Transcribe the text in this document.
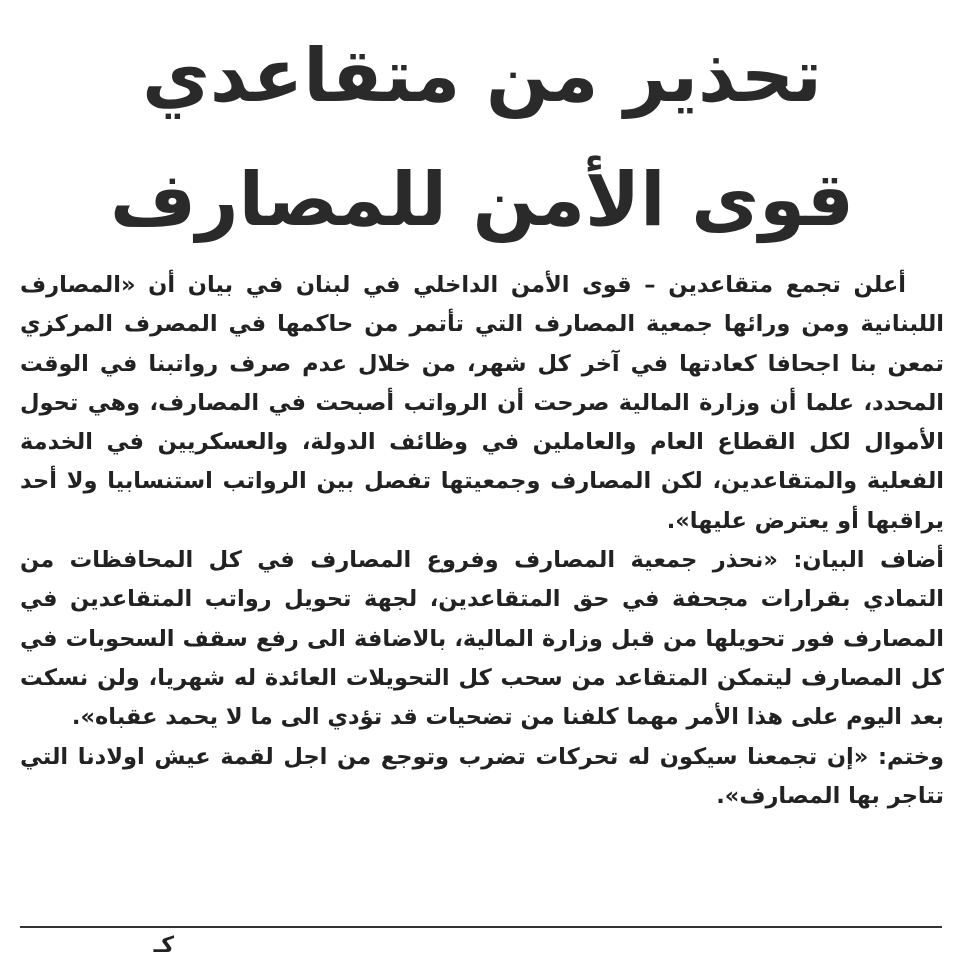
تحذير من متقاعدي
قوى الأمن للمصارف

أعلن تجمع متقاعدين – قوى الأمن الداخلي في لبنان في بيان أن «المصارف اللبنانية ومن ورائها جمعية المصارف التي تأتمر من حاكمها في المصرف المركزي تمعن بنا اجحافا كعادتها في آخر كل شهر، من خلال عدم صرف رواتبنا في الوقت المحدد، علما أن وزارة المالية صرحت أن الرواتب أصبحت في المصارف، وهي تحول الأموال لكل القطاع العام والعاملين في وظائف الدولة، والعسكريين في الخدمة الفعلية والمتقاعدين، لكن المصارف وجمعيتها تفصل بين الرواتب استنسابيا ولا أحد يراقبها أو يعترض عليها».

أضاف البيان: «نحذر جمعية المصارف وفروع المصارف في كل المحافظات من التمادي بقرارات مجحفة في حق المتقاعدين، لجهة تحويل رواتب المتقاعدين في المصارف فور تحويلها من قبل وزارة المالية، بالاضافة الى رفع سقف السحوبات في كل المصارف ليتمكن المتقاعد من سحب كل التحويلات العائدة له شهريا، ولن نسكت بعد اليوم على هذا الأمر مهما كلفنا من تضحيات قد تؤدي الى ما لا يحمد عقباه».

وختم: «إن تجمعنا سيكون له تحركات تضرب وتوجع من اجل لقمة عيش اولادنا التي تتاجر بها المصارف».

كـ
